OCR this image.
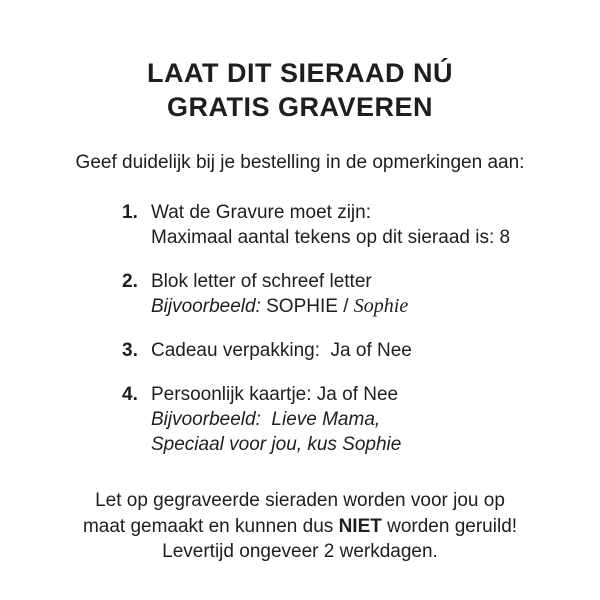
LAAT DIT SIERAAD NÚ
GRATIS GRAVEREN
Geef duidelijk bij je bestelling in de opmerkingen aan:
1. Wat de Gravure moet zijn:
Maximaal aantal tekens op dit sieraad is: 8
2. Blok letter of schreef letter
Bijvoorbeeld: SOPHIE / Sophie
3. Cadeau verpakking:  Ja of Nee
4. Persoonlijk kaartje: Ja of Nee
Bijvoorbeeld:  Lieve Mama,
Speciaal voor jou, kus Sophie
Let op gegraveerde sieraden worden voor jou op
maat gemaakt en kunnen dus NIET worden geruild!
Levertijd ongeveer 2 werkdagen.
